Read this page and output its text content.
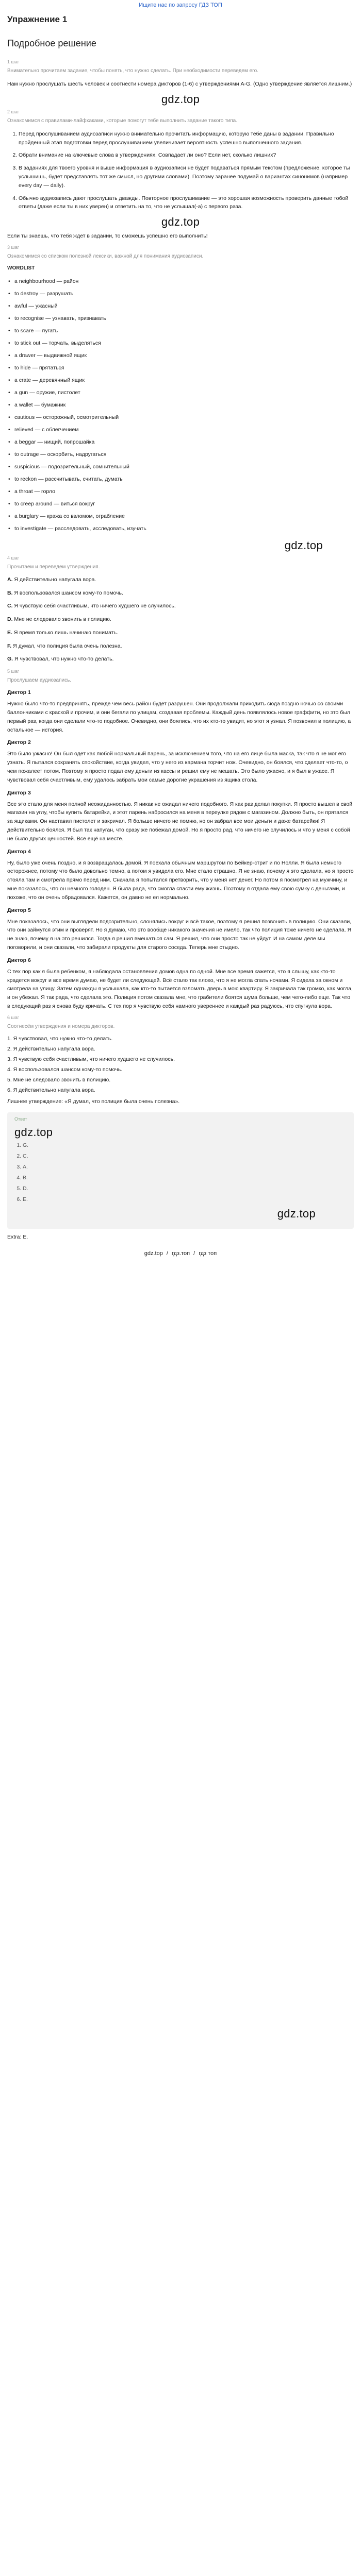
Ищите нас по запросу ГДЗ ТОП
Упражнение 1
Подробное решение
1 шаг
Внимательно прочитаем задание, чтобы понять, что нужно сделать. При необходимости переведем его.

Нам нужно прослушать шесть человек и соотнести номера дикторов (1-6) с утверждениями A-G. (Одно утверждение является лишним.)

gdz.top
2 шаг
Ознакомимся с правилами-лайфхаками, которые помогут тебе выполнить задание такого типа.
1. Перед прослушиванием аудиозаписи нужно внимательно прочитать информацию, которую тебе даны в задании. Правильно пройденный этап подготовки перед прослушиванием увеличивает вероятность успешно выполненного задания.
2. Обрати внимание на ключевые слова в утверждениях. Совпадает ли оно? Если нет, сколько лишних?
3. В заданиях для твоего уровня и выше информация в аудиозаписи не будет подаваться прямым текстом (предложение, которое ты услышишь, будет представлять тот же смысл, но другими словами). Поэтому заранее подумай о вариантах синонимов (например every day — daily).
4. Обычно аудиозапись дают прослушать дважды. Повторное прослушивание — это хорошая возможность проверить данные тобой ответы (даже если ты в них уверен) и ответить на то, что не услышал(-а) с первого раза.
gdz.top

Если ты знаешь, что тебя ждет в задании, то сможешь успешно его выполнить!

3 шаг
Ознакомимся со списком полезной лексики, важной для понимания аудиозаписи.
WORDLIST
• a neighbourhood — район
• to destroy — разрушать
• awful — ужасный
• to recognise — узнавать, признавать
• to scare — пугать
• to stick out — торчать, выделяться
• a drawer — выдвижной ящик
• to hide — прятаться
• a crate — деревянный ящик
• a gun — оружие, пистолет
• a wallet — бумажник
• cautious — осторожный, осмотрительный
• relieved — с облегчением
• a beggar — нищий, попрошайка
• to outrage — оскорбить, надругаться
• suspicious — подозрительный, сомнительный
• to reckon — рассчитывать, считать, думать
• a throat — горло
• to creep around — виться вокруг
• a burglary — кража со взломом, ограбление
• to investigate — расследовать, исследовать, изучать
gdz.top
4 шаг
Прочитаем и переведем утверждения.

A. Я действительно напугала вора.

B. Я воспользовался шансом кому-то помочь.

C. Я чувствую себя счастливым, что ничего худшего не случилось.

D. Мне не следовало звонить в полицию.

E. Я время только лишь начинаю понимать.

F. Я думал, что полиция была очень полезна.

G. Я чувствовал, что нужно что-то делать.

5 шаг
Прослушаем аудиозапись.
Диктор 1

Нужно было что-то предпринять, прежде чем весь район будет разрушен. Они продолжали приходить сюда поздно ночью со своими баллончиками с краской и прочим, и они бегали по улицам, создавая проблемы. Каждый день появлялось новое граффити, но это был первый раз, когда они сделали что-то подобное. Очевидно, они боялись, что их кто-то увидит, но этот я узнал. Я позвонил в полицию, а остальное — история.

Диктор 2

Это было ужасно! Он был одет как любой нормальный парень, за исключением того, что на его лице была маска, так что я не мог его узнать. Я пытался сохранять спокойствие, когда увидел, что у него из кармана торчит нож. Очевидно, он боялся, что сделает что-то, о чем пожалеет потом. Поэтому я просто подал ему деньги из кассы и решил ему не мешать. Это было ужасно, и я был в ужасе. Я чувствовал себя счастливым, ему удалось забрать мои самые дорогие украшения из ящика стола.

Диктор 3

Все это стало для меня полной неожиданностью. Я никак не ожидал ничего подобного. Я как раз делал покупки. Я просто вышел в свой магазин на углу, чтобы купить батарейки, и этот парень набросился на меня в переулке рядом с магазином. Должно быть, он прятался за ящиками. Он наставил пистолет и закричал. Я больше ничего не помню, но он забрал все мои деньги и даже батарейки! Я действительно боялся. Я был так напуган, что сразу же побежал домой. Но я просто рад, что ничего не случилось и что у меня с собой не было других ценностей. Все ещё на месте.

Диктор 4

Ну, было уже очень поздно, и я возвращалась домой. Я поехала обычным маршрутом по Бейкер-стрит и по Нолли. Я была немного осторожнее, потому что было довольно темно, а потом я увидела его. Мне стало страшно. Я не знаю, почему я это сделала, но я просто стояла там и смотрела прямо перед ним. Сначала я попытался претворить, что у меня нет денег. Но потом я посмотрел на мужчину, и мне показалось, что он немного голоден. Я была рада, что смогла спасти ему жизнь. Поэтому я отдала ему свою сумку с деньгами, и похоже, что он очень обрадовался. Кажется, он давно не ел нормально.

Диктор 5

Мне показалось, что они выглядели подозрительно, слонялись вокруг и всё такое, поэтому я решил позвонить в полицию. Они сказали, что они займутся этим и проверят. Но я думаю, что это вообще никакого значения не имело, так что полиция тоже ничего не сделала. Я не знаю, почему я на это решился. Тогда я решил вмешаться сам. Я решил, что они просто так не уйдут. И на самом деле мы поговорили, и они сказали, что забирали продукты для старого соседа. Теперь мне стыдно.

Диктор 6

С тех пор как я была ребенком, я наблюдала остановления домов одна по одной. Мне все время кажется, что я слышу, как кто-то крадется вокруг и все время думаю, не будет ли следующей. Всё стало так плохо, что я не могла спать ночами. Я сидела за окном и смотрела на улицу. Затем однажды я услышала, как кто-то пытается взломать дверь в мою квартиру. Я закричала так громко, как могла, и он убежал. Я так рада, что сделала это. Полиция потом сказала мне, что грабители боятся шума больше, чем чего-либо еще. Так что в следующий раз я снова буду кричать. С тех пор я чувствую себя намного увереннее и каждый раз радуюсь, что спугнула вора.

6 шаг
Соотнесём утверждения и номера дикторов.
1. Я чувствовал, что нужно что-то делать.
2. Я действительно напугала вора.
3. Я чувствую себя счастливым, что ничего худшего не случилось.
4. Я воспользовался шансом кому-то помочь.
5. Мне не следовало звонить в полицию.
6. Я действительно напугала вора.

Лишнее утверждение: «Я думал, что полиция была очень полезна».

Ответ
gdz.top
1. G.
2. C.
3. A.
4. B.
5. D.
6. E.
gdz.top

Extra: E.

gdz.top / гдз.топ / гдз топ
